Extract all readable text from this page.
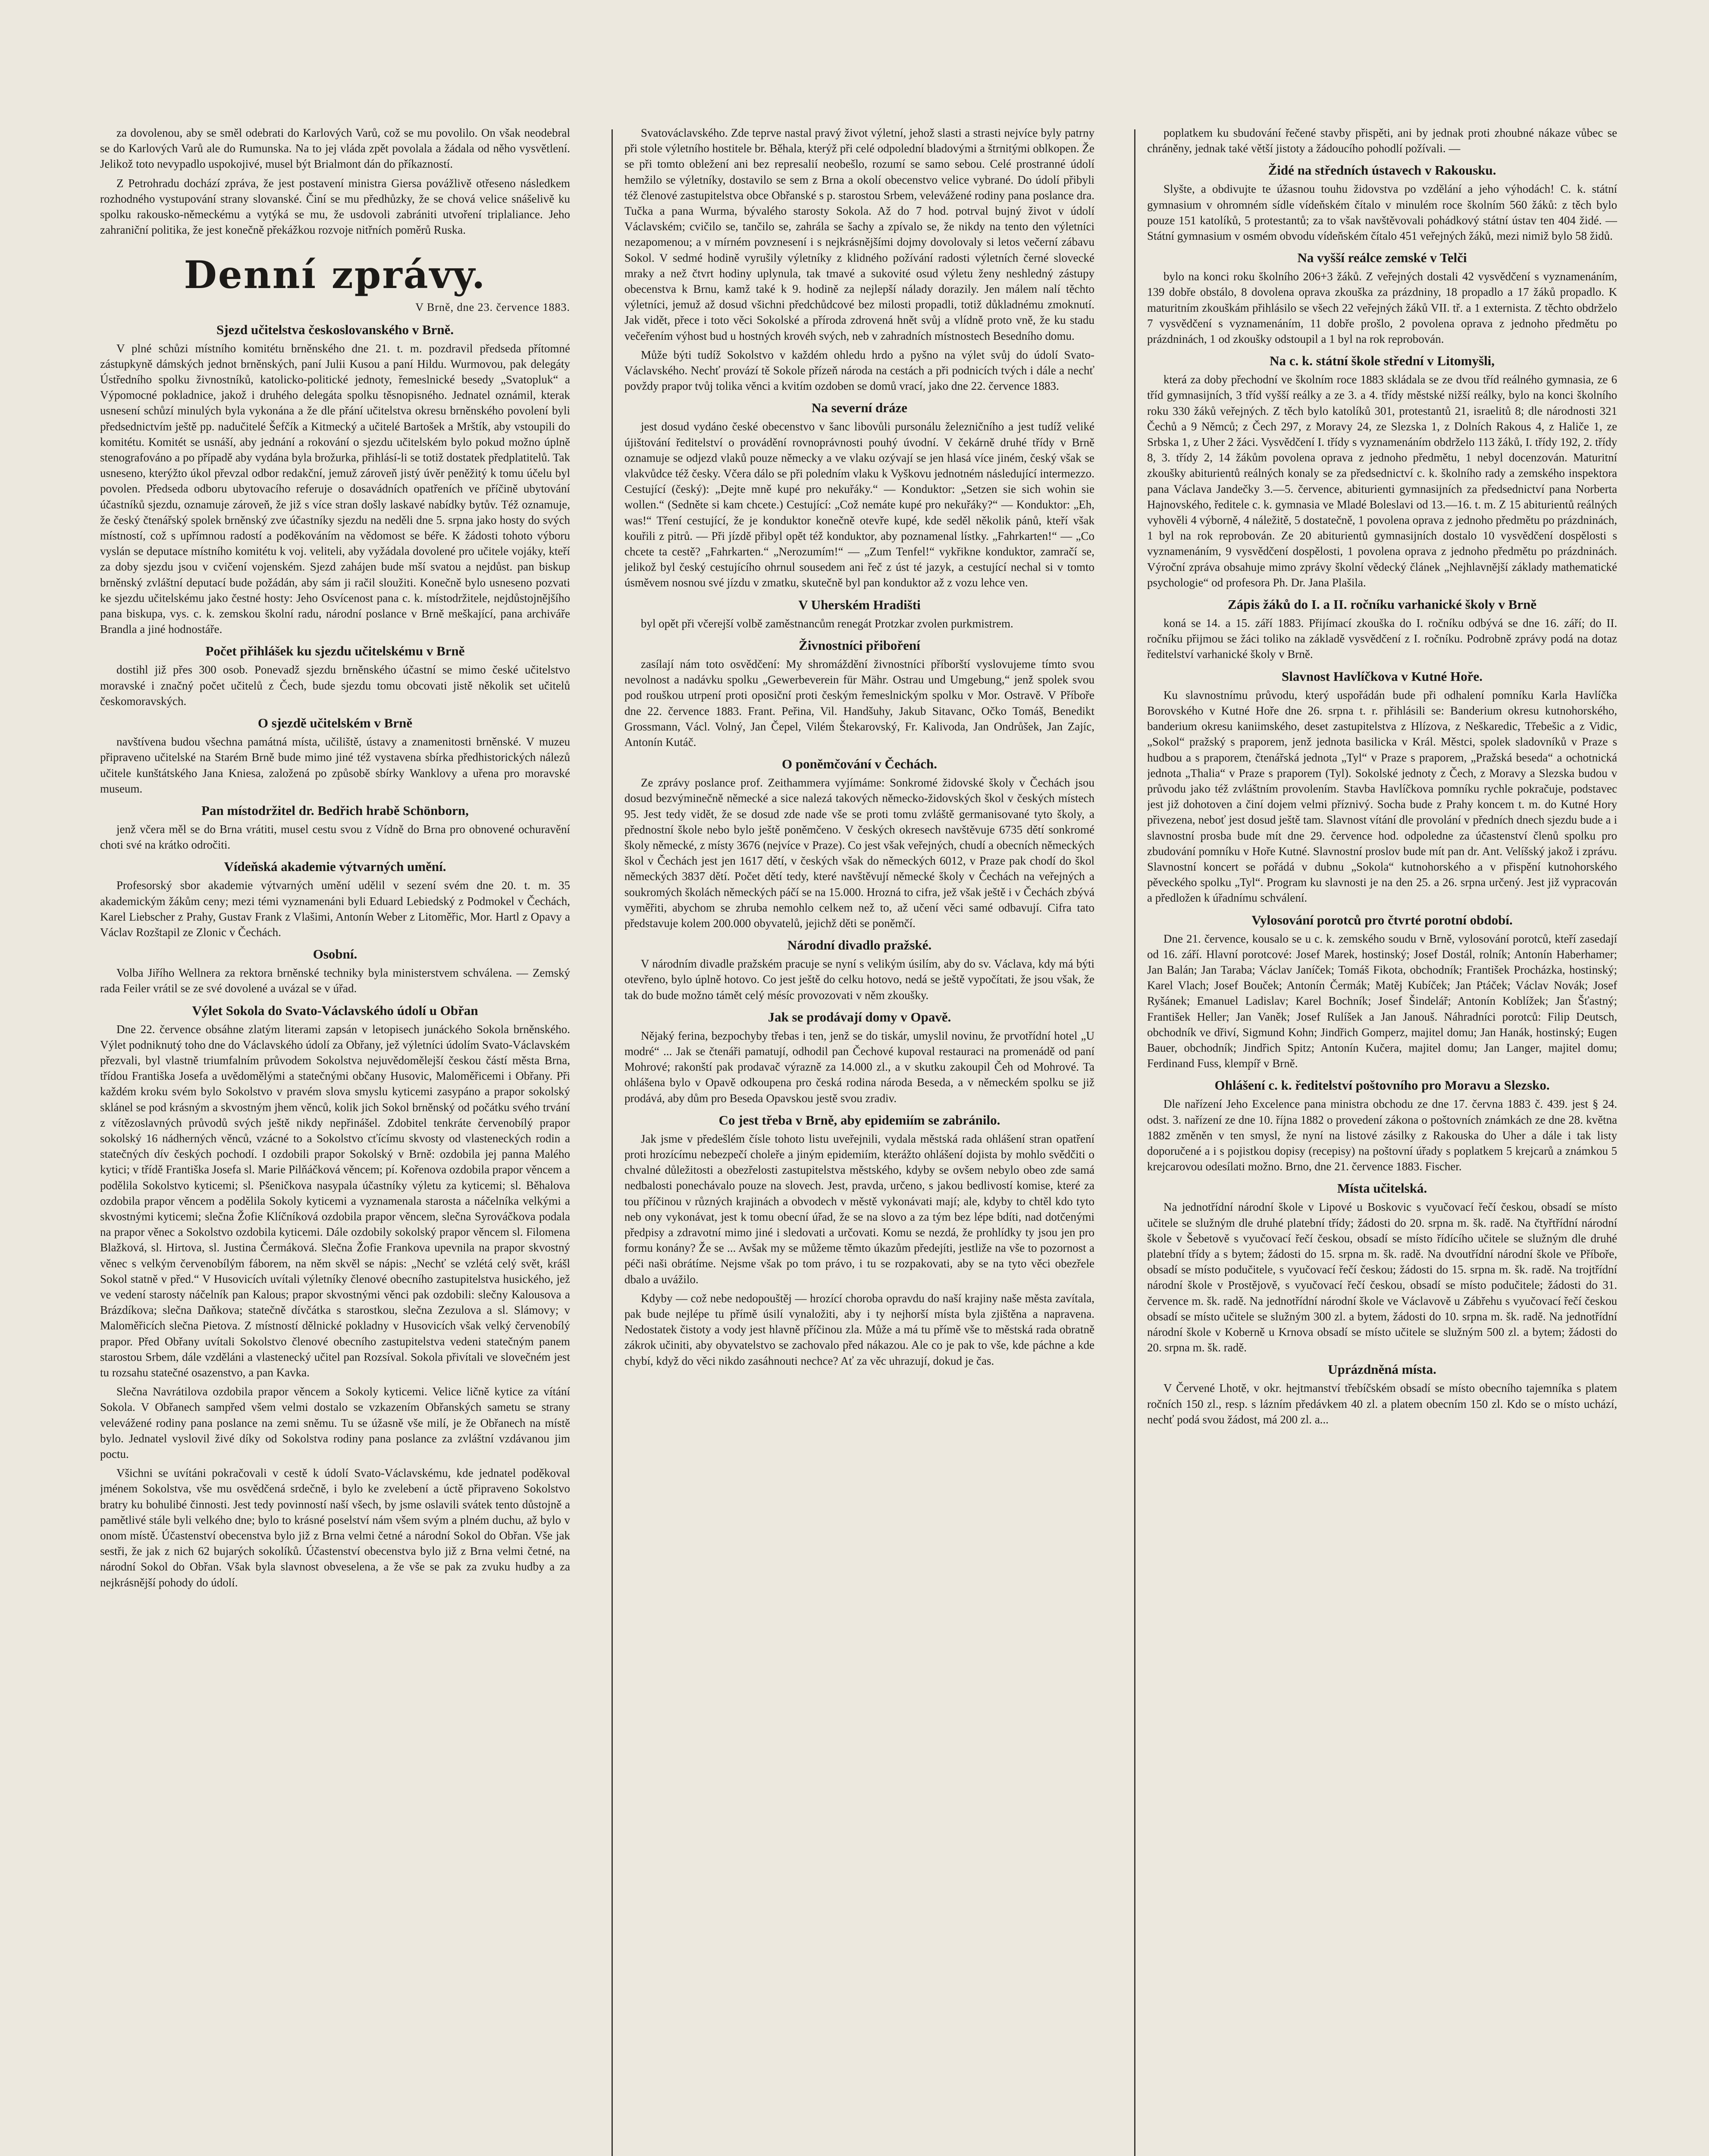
za dovolenou, aby se směl odebrati do Karlových Varů, což se mu povolilo. On však neodebral se do Karlových Varů ale do Rumunska. Na to jej vláda zpět povolala a žádala od něho vysvětlení. Jelikož toto nevypadlo uspokojivé, musel být Brialmont dán do příkazností.

Z Petrohradu dochází zpráva, že jest postavení ministra Giersa povážlivě otřeseno následkem rozhodného vystupování strany slovanské. Činí se mu předhůzky, že se chová velice snášelivě ku spolku rakousko-německému a vytýká se mu, že usdovoli zabrániti utvoření triplaliance. Jeho zahraniční politika, že jest konečně překážkou rozvoje nitřních poměrů Ruska.

Denní zprávy.
V Brně, dne 23. července 1883.
Sjezd učitelstva českoslovanského v Brně.

V plné schůzi místního komitétu brněnského dne 21. t. m. pozdravil předseda přítomné zástupkyně dámských jednot brněnských, paní Julii Kusou a paní Hildu. Wurmovou, pak delegáty Ústředního spolku živnostníků, katolicko-politické jednoty, řemeslnické besedy „Svatopluk“ a Výpomocné pokladnice, jakož i druhého delegáta spolku těsnopisného. Jednatel oznámil, kterak usnesení schůzí minulých byla vykonána a že dle přání učitelstva okresu brněnského povolení byli předsednictvím ještě pp. nadučitelé Šefčík a Kitmecký a učitelé Bartošek a Mrštík, aby vstoupili do komitétu. Komitét se usnáší, aby jednání a rokování o sjezdu učitelském bylo pokud možno úplně stenografováno a po případě aby vydána byla brožurka, přihlásí-li se totiž dostatek předplatitelů. Tak usneseno, kterýžto úkol převzal odbor redakční, jemuž zároveň jistý úvěr peněžitý k tomu účelu byl povolen. Předseda odboru ubytovacího referuje o dosavádních opatřeních ve příčině ubytování účastníků sjezdu, oznamuje zároveň, že již s více stran došly laskavé nabídky bytův. Též oznamuje, že český čtenářský spolek brněnský zve účastníky sjezdu na neděli dne 5. srpna jako hosty do svých místností, což s upřímnou radostí a poděkováním na vědomost se béře. K žádosti tohoto výboru vyslán se deputace místního komitétu k voj. veliteli, aby vyžádala dovolené pro učitele vojáky, kteří za doby sjezdu jsou v cvičení vojenském. Sjezd zahájen bude mší svatou a nejdůst. pan biskup brněnský zvláštní deputací bude požádán, aby sám ji račil sloužiti. Konečně bylo usneseno pozvati ke sjezdu učitelskému jako čestné hosty: Jeho Osvícenost pana c. k. místodržitele, nejdůstojnějšího pana biskupa, vys. c. k. zemskou školní radu, národní poslance v Brně meškající, pana archiváře Brandla a jiné hodnostáře.

Počet přihlášek ku sjezdu učitelskému v Brně

dostihl již přes 300 osob. Ponevadž sjezdu brněnského účastní se mimo české učitelstvo moravské i značný počet učitelů z Čech, bude sjezdu tomu obcovati jistě několik set učitelů českomoravských.

O sjezdě učitelském v Brně

navštívena budou všechna památná místa, učiliště, ústavy a znamenitosti brněnské. V muzeu připraveno učitelské na Starém Brně bude mimo jiné též vystavena sbírka předhistorických nálezů učitele kunštátského Jana Kniesa, založená po způsobě sbírky Wanklovy a uřena pro moravské museum.

Pan místodržitel dr. Bedřich hrabě Schönborn,

jenž včera měl se do Brna vrátiti, musel cestu svou z Vídně do Brna pro obnovené ochuravění choti své na krátko odročiti.

Vídeňská akademie výtvarných umění.

Profesorský sbor akademie výtvarných umění udělil v sezení svém dne 20. t. m. 35 akademickým žákům ceny; mezi témi vyznamenáni byli Eduard Lebiedský z Podmokel v Čechách, Karel Liebscher z Prahy, Gustav Frank z Vlašimi, Antonín Weber z Litoměřic, Mor. Hartl z Opavy a Václav Rozštapil ze Zlonic v Čechách.

Osobní.

Volba Jiřího Wellnera za rektora brněnské techniky byla ministerstvem schválena. — Zemský rada Feiler vrátil se ze své dovolené a uvázal se v úřad.

Výlet Sokola do Svato-Václavského údolí u Obřan

Dne 22. července obsáhne zlatým literami zapsán v letopisech junáckého Sokola brněnského. Výlet podniknutý toho dne do Václavského údolí za Obřany, jež výletníci údolím Svato-Václavském přezvali, byl vlastně triumfalním průvodem Sokolstva nejuvědomělejší českou částí města Brna, třídou Františka Josefa a uvědomělými a statečnými občany Husovic, Maloměřicemi i Obřany. Při každém kroku svém bylo Sokolstvo v pravém slova smyslu kyticemi zasypáno a prapor sokolský sklánel se pod krásným a skvostným jhem věnců, kolik jich Sokol brněnský od počátku svého trvání z vítězoslavných průvodů svých ještě nikdy nepřinášel. Zdobitel tenkráte červenobílý prapor sokolský 16 nádherných věnců, vzácné to a Sokolstvo cťícímu skvosty od vlasteneckých rodin a statečných dív českých pochodí. I ozdobili prapor Sokolský v Brně: ozdobila jej panna Malého kytici; v třídě Františka Josefa sl. Marie Pilňáčková věncem; pí. Kořenova ozdobila prapor věncem a podělila Sokolstvo kyticemi; sl. Pšeničkova nasypala účastníky výletu za kyticemi; sl. Běhalova ozdobila prapor věncem a podělila Sokoly kyticemi a vyznamenala starosta a náčelníka velkými a skvostnými kyticemi; slečna Žofie Klíčníková ozdobila prapor věncem, slečna Syrováčkova podala na prapor věnec a Sokolstvo ozdobila kyticemi. Dále ozdobily sokolský prapor věncem sl. Filomena Blažková, sl. Hirtova, sl. Justina Čermáková. Slečna Žofie Frankova upevnila na prapor skvostný věnec s velkým červenobílým fáborem, na něm skvěl se nápis: „Nechť se vzlétá celý svět, krášl Sokol statně v před.“ V Husovicích uvítali výletníky členové obecního zastupitelstva husického, jež ve vedení starosty náčelník pan Kalous; prapor skvostnými věnci pak ozdobili: slečny Kalousova a Brázdíkova; slečna Daňkova; statečně dívčátka s starostkou, slečna Zezulova a sl. Slámovy; v Maloměřicích slečna Pietova. Z místností dělnické pokladny v Husovicích však velký červenobílý prapor. Před Obřany uvítali Sokolstvo členové obecního zastupitelstva vedeni statečným panem starostou Srbem, dále vzděláni a vlastenecký učitel pan Rozsíval. Sokola přivítali ve slovečném jest tu rozsahu statečné osazenstvo, a pan Kavka.

Slečna Navrátilova ozdobila prapor věncem a Sokoly kyticemi. Velice ličně kytice za vítání Sokola. V Obřanech sampřed všem velmi dostalo se vzkazením Obřanských sametu se strany velevážené rodiny pana poslance na zemi sněmu. Tu se úžasně vše milí, je že Obřanech na místě bylo. Jednatel vyslovil živé díky od Sokolstva rodiny pana poslance za zvláštní vzdávanou jim poctu.

Všichni se uvítáni pokračovali v cestě k údolí Svato-Václavskému, kde jednatel poděkoval jménem Sokolstva, vše mu osvědčená srdečně, i bylo ke zvelebení a úctě připraveno Sokolstvo bratry ku bohulibé činnosti. Jest tedy povinností naší všech, by jsme oslavili svátek tento důstojně a pamětlivé stále byli velkého dne; bylo to krásné poselství nám všem svým a plném duchu, až bylo v onom místě. Účastenství obecenstva bylo již z Brna velmi četné a národní Sokol do Obřan. Vše jak sestři, že jak z nich 62 bujarých sokolíků. Účastenství obecenstva bylo již z Brna velmi četné, na národní Sokol do Obřan. Však byla slavnost obveselena, a že vše se pak za zvuku hudby a za nejkrásnější pohody do údolí.

Svatováclavského. Zde teprve nastal pravý život výletní, jehož slasti a strasti nejvíce byly patrny při stole výletního hostitele br. Běhala, kterýž při celé odpolední bladovými a štrnitými oblkopen. Že se při tomto obležení ani bez represalií neobešlo, rozumí se samo sebou. Celé prostranné údolí hemžilo se výletníky, dostavilo se sem z Brna a okolí obecenstvo velice vybrané. Do údolí přibyli též členové zastupitelstva obce Obřanské s p. starostou Srbem, velevážené rodiny pana poslance dra. Tučka a pana Wurma, bývalého starosty Sokola. Až do 7 hod. potrval bujný život v údolí Václavském; cvičilo se, tančilo se, zahrála se šachy a zpívalo se, že nikdy na tento den výletníci nezapomenou; a v mírném povznesení i s nejkrásnějšími dojmy dovolovaly si letos večerní zábavu Sokol. V sedmé hodině vyrušily výletníky z klidného požívání radosti výletních černé slovecké mraky a než čtvrt hodiny uplynula, tak tmavé a sukovité osud výletu ženy neshledný zástupy obecenstva k Brnu, kamž také k 9. hodině za nejlepší nálady dorazily. Jen málem nalí těchto výletníci, jemuž až dosud všichni předchůdcové bez milosti propadli, totiž důkladnému zmoknutí. Jak vidět, přece i toto věci Sokolské a příroda zdrovená hnět svůj a vlídně proto vně, že ku stadu večeřením výhost bud u hostných krovéh svých, neb v zahradních místnostech Besedního domu.

Může býti tudíž Sokolstvo v každém ohledu hrdo a pyšno na výlet svůj do údolí Svato-Václavského. Nechť provází tě Sokole přízeň národa na cestách a při podnicích tvých i dále a nechť povždy prapor tvůj tolika věnci a kvitím ozdoben se domů vrací, jako dne 22. července 1883.

Na severní dráze

jest dosud vydáno české obecenstvo v šanc libovůli pursonálu železničního a jest tudíž veliké újištování ředitelství o provádění rovnoprávnosti pouhý úvodní. V čekárně druhé třídy v Brně oznamuje se odjezd vlaků pouze německy a ve vlaku ozývají se jen hlasá více jiném, český však se vlakvůdce též česky. Včera dálo se při poledním vlaku k Vyškovu jednotném následující intermezzo. Cestující (český): „Dejte mně kupé pro nekuřáky.“ — Konduktor: „Setzen sie sich wohin sie wollen.“ (Sedněte si kam chcete.) Cestující: „Což nemáte kupé pro nekuřáky?“ — Konduktor: „Eh, was!“ Tření cestující, že je konduktor konečně otevře kupé, kde seděl několik pánů, kteří však kouřili z pitrů. — Při jízdě přibyl opět též konduktor, aby poznamenal lístky. „Fahrkarten!“ — „Co chcete ta cestě? „Fahrkarten.“ „Nerozumím!“ — „Zum Tenfel!“ vykřikne konduktor, zamračí se, jelikož byl český cestujícího ohrnul sousedem ani řeč z úst té jazyk, a cestující nechal si v tomto úsměvem nosnou své jízdu v zmatku, skutečně byl pan konduktor až z vozu lehce ven.

V Uherském Hradišti

byl opět při včerejší volbě zaměstnancům renegát Protzkar zvolen purkmistrem.

Živnostníci přiboření

zasílají nám toto osvědčení: My shromáždění živnostníci příborští vyslovujeme tímto svou nevolnost a nadávku spolku „Gewerbeverein für Mähr. Ostrau und Umgebung,“ jenž spolek svou pod rouškou utrpení proti oposiční proti českým řemeslnickým spolku v Mor. Ostravě. V Příboře dne 22. července 1883. Frant. Peřina, Vil. Handšuhy, Jakub Sitavanc, Očko Tomáš, Benedikt Grossmann, Václ. Volný, Jan Čepel, Vilém Štekarovský, Fr. Kalivoda, Jan Ondrůšek, Jan Zajíc, Antonín Kutáč.

O poněmčování v Čechách.

Ze zprávy poslance prof. Zeithammera vyjímáme: Sonkromé židovské školy v Čechách jsou dosud bezvýminečně německé a sice nalezá takových německo-židovských škol v českých místech 95. Jest tedy vidět, že se dosud zde nade vše se proti tomu zvláště germanisované tyto školy, a přednostní škole nebo bylo ještě poněmčeno. V českých okresech navštěvuje 6735 dětí sonkromé školy německé, z místy 3676 (nejvíce v Praze). Co jest však veřejných, chudí a obecních německých škol v Čechách jest jen 1617 dětí, v českých však do německých 6012, v Praze pak chodí do škol německých 3837 dětí. Počet dětí tedy, které navštěvují německé školy v Čechách na veřejných a soukromých školách německých páčí se na 15.000. Hrozná to cifra, jež však ještě i v Čechách zbývá vyměřiti, abychom se zhruba nemohlo celkem než to, až učení věci samé odbavují. Cifra tato představuje kolem 200.000 obyvatelů, jejichž děti se poněmčí.

Národní divadlo pražské.

V národním divadle pražském pracuje se nyní s velikým úsilím, aby do sv. Václava, kdy má býti otevřeno, bylo úplně hotovo. Co jest ještě do celku hotovo, nedá se ještě vypočítati, že jsou však, že tak do bude možno támět celý mésíc provozovati v něm zkoušky.

Jak se prodávají domy v Opavě.

Nějaký ferina, bezpochyby třebas i ten, jenž se do tiskár, umyslil novinu, že prvotřídní hotel „U modré“ ... Jak se čtenáři pamatují, odhodil pan Čechové kupoval restauraci na promenádě od paní Mohrové; rakonští pak prodavač výrazně za 14.000 zl., a v skutku zakoupil Čeh od Mohrové. Ta ohlášena bylo v Opavě odkoupena pro česká rodina národa Beseda, a v německém spolku se již prodává, aby dům pro Beseda Opavskou jestě svou zradiv.

Co jest třeba v Brně, aby epidemiím se zabránilo.

Jak jsme v předešlém čísle tohoto listu uveřejnili, vydala městská rada ohlášení stran opatření proti hrozícímu nebezpečí choleře a jiným epidemiím, kterážto ohlášení dojista by mohlo svědčiti o chvalné důležitosti a obezřelosti zastupitelstva městského, kdyby se ovšem nebylo obeo zde samá nedbalosti ponechávalo pouze na slovech. Jest, pravda, určeno, s jakou bedlivostí komise, které za tou příčinou v různých krajinách a obvodech v městě vykonávati mají; ale, kdyby to chtěl kdo tyto neb ony vykonávat, jest k tomu obecní úřad, že se na slovo a za tým bez lépe bdíti, nad dotčenými předpisy a zdravotní mimo jiné i sledovati a určovati. Komu se nezdá, že prohlídky ty jsou jen pro formu konány? Že se ... Avšak my se můžeme těmto úkazům předejíti, jestliže na vše to pozornost a péči naši obrátíme. Nejsme však po tom právo, i tu se rozpakovati, aby se na tyto věci obezřele dbalo a uvážilo.

Kdyby — což nebe nedopouštěj — hrozící choroba opravdu do naší krajiny naše města zavítala, pak bude nejlépe tu přímě úsilí vynaložiti, aby i ty nejhorší místa byla zjištěna a napravena. Nedostatek čistoty a vody jest hlavně příčinou zla. Může a má tu přímě vše to městská rada obratně zákrok učiniti, aby obyvatelstvo se zachovalo před nákazou. Ale co je pak to vše, kde páchne a kde chybí, když do věci nikdo zasáhnouti nechce? Ať za věc uhrazují, dokud je čas.

poplatkem ku sbudování řečené stavby přispěti, ani by jednak proti zhoubné nákaze vůbec se chráněny, jednak také větší jistoty a žádoucího pohodlí požívali. —

Židé na středních ústavech v Rakousku.

Slyšte, a obdivujte te úžasnou touhu židovstva po vzdělání a jeho výhodách! C. k. státní gymnasium v ohromném sídle vídeňském čítalo v minulém roce školním 560 žáků: z těch bylo pouze 151 katolíků, 5 protestantů; za to však navštěvovali pohádkový státní ústav ten 404 židé. — Státní gymnasium v osmém obvodu vídeňském čítalo 451 veřejných žáků, mezi nimiž bylo 58 židů.

Na vyšší reálce zemské v Telči

bylo na konci roku školního 206+3 žáků. Z veřejných dostali 42 vysvědčení s vyznamenáním, 139 dobře obstálo, 8 dovolena oprava zkouška za prázdniny, 18 propadlo a 17 žáků propadlo. K maturitním zkouškám přihlásilo se všech 22 veřejných žáků VII. tř. a 1 externista. Z těchto obdrželo 7 vysvědčení s vyznamenáním, 11 dobře prošlo, 2 povolena oprava z jednoho předmětu po prázdninách, 1 od zkoušky odstoupil a 1 byl na rok reprobován.

Na c. k. státní škole střední v Litomyšli,

která za doby přechodní ve školním roce 1883 skládala se ze dvou tříd reálného gymnasia, ze 6 tříd gymnasijních, 3 tříd vyšší reálky a ze 3. a 4. třídy městské nižší reálky, bylo na konci školního roku 330 žáků veřejných. Z těch bylo katolíků 301, protestantů 21, israelitů 8; dle národnosti 321 Čechů a 9 Němců; z Čech 297, z Moravy 24, ze Slezska 1, z Dolních Rakous 4, z Haliče 1, ze Srbska 1, z Uher 2 žáci. Vysvědčení I. třídy s vyznamenáním obdrželo 113 žáků, I. třídy 192, 2. třídy 8, 3. třídy 2, 14 žákům povolena oprava z jednoho předmětu, 1 nebyl docenzován. Maturitní zkoušky abiturientů reálných konaly se za předsednictví c. k. školního rady a zemského inspektora pana Václava Jandečky 3.—5. července, abiturienti gymnasijních za předsednictví pana Norberta Hajnovského, ředitele c. k. gymnasia ve Mladé Boleslavi od 13.—16. t. m. Z 15 abiturientů reálných vyhověli 4 výborně, 4 náležitě, 5 dostatečně, 1 povolena oprava z jednoho předmětu po prázdninách, 1 byl na rok reprobován. Ze 20 abiturientů gymnasijních dostalo 10 vysvědčení dospělosti s vyznamenáním, 9 vysvědčení dospělosti, 1 povolena oprava z jednoho předmětu po prázdninách. Výroční zpráva obsahuje mimo zprávy školní vědecký článek „Nejhlavnější základy mathematické psychologie“ od profesora Ph. Dr. Jana Plašila.

Zápis žáků do I. a II. ročníku varhanické školy v Brně

koná se 14. a 15. září 1883. Přijímací zkouška do I. ročníku odbývá se dne 16. září; do II. ročníku přijmou se žáci toliko na základě vysvědčení z I. ročníku. Podrobně zprávy podá na dotaz ředitelství varhanické školy v Brně.

Slavnost Havlíčkova v Kutné Hoře.

Ku slavnostnímu průvodu, který uspořádán bude při odhalení pomníku Karla Havlíčka Borovského v Kutné Hoře dne 26. srpna t. r. přihlásili se: Banderium okresu kutnohorského, banderium okresu kaniimského, deset zastupitelstva z Hlízova, z Neškaredic, Třebešic a z Vidic, „Sokol“ pražský s praporem, jenž jednota basilicka v Král. Městci, spolek sladovníků v Praze s hudbou a s praporem, čtenářská jednota „Tyl“ v Praze s praporem, „Pražská beseda“ a ochotnická jednota „Thalia“ v Praze s praporem (Tyl). Sokolské jednoty z Čech, z Moravy a Slezska budou v průvodu jako též zvláštním provolením. Stavba Havlíčkova pomníku rychle pokračuje, podstavec jest již dohotoven a činí dojem velmi příznivý. Socha bude z Prahy koncem t. m. do Kutné Hory přivezena, neboť jest dosud ještě tam. Slavnost vítání dle provolání v předních dnech sjezdu bude a i slavnostní prosba bude mít dne 29. července hod. odpoledne za účastenství členů spolku pro zbudování pomníku v Hoře Kutné. Slavnostní proslov bude mít pan dr. Ant. Velíšský jakož i zprávu. Slavnostní koncert se pořádá v dubnu „Sokola“ kutnohorského a v přispění kutnohorského pěveckého spolku „Tyl“. Program ku slavnosti je na den 25. a 26. srpna určený. Jest již vypracován a předložen k úřadnímu schválení.

Vylosování porotců pro čtvrté porotní období.

Dne 21. července, kousalo se u c. k. zemského soudu v Brně, vylosování porotců, kteří zasedají od 16. září. Hlavní porotcové: Josef Marek, hostinský; Josef Dostál, rolník; Antonín Haberhamer; Jan Balán; Jan Taraba; Václav Janíček; Tomáš Fikota, obchodník; František Procházka, hostinský; Karel Vlach; Josef Bouček; Antonín Čermák; Matěj Kubíček; Jan Ptáček; Václav Novák; Josef Ryšánek; Emanuel Ladislav; Karel Bochník; Josef Šindelář; Antonín Koblížek; Jan Šťastný; František Heller; Jan Vaněk; Josef Rulíšek a Jan Janouš. Náhradníci porotců: Filip Deutsch, obchodník ve dřiví, Sigmund Kohn; Jindřich Gomperz, majitel domu; Jan Hanák, hostinský; Eugen Bauer, obchodník; Jindřich Spitz; Antonín Kučera, majitel domu; Jan Langer, majitel domu; Ferdinand Fuss, klempíř v Brně.

Ohlášení c. k. ředitelství poštovního pro Moravu a Slezsko.

Dle nařízení Jeho Excelence pana ministra obchodu ze dne 17. června 1883 č. 439. jest § 24. odst. 3. nařízení ze dne 10. října 1882 o provedení zákona o poštovních známkách ze dne 28. května 1882 změněn v ten smysl, že nyní na listové zásilky z Rakouska do Uher a dále i tak listy doporučené a i s pojistkou dopisy (recepisy) na poštovní úřady s poplatkem 5 krejcarů a známkou 5 krejcarovou odesílati možno. Brno, dne 21. července 1883. Fischer.

Místa učitelská.

Na jednotřídní národní škole v Lipové u Boskovic s vyučovací řečí českou, obsadí se místo učitele se služným dle druhé platební třídy; žádosti do 20. srpna m. šk. radě. Na čtyřtřídní národní škole v Šebetově s vyučovací řečí českou, obsadí se místo řídícího učitele se služným dle druhé platební třídy a s bytem; žádosti do 15. srpna m. šk. radě. Na dvoutřídní národní škole ve Příboře, obsadí se místo podučitele, s vyučovací řečí českou; žádosti do 15. srpna m. šk. radě. Na trojtřídní národní škole v Prostějově, s vyučovací řečí českou, obsadí se místo podučitele; žádosti do 31. července m. šk. radě. Na jednotřídní národní škole ve Václavově u Zábřehu s vyučovací řečí českou obsadí se místo učitele se služným 300 zl. a bytem, žádosti do 10. srpna m. šk. radě. Na jednotřídní národní škole v Koberně u Krnova obsadí se místo učitele se služným 500 zl. a bytem; žádosti do 20. srpna m. šk. radě.

Uprázdněná místa.

V Červené Lhotě, v okr. hejtmanství třebíčském obsadí se místo obecního tajemníka s platem ročních 150 zl., resp. s lázním předávkem 40 zl. a platem obecním 150 zl. Kdo se o místo uchází, nechť podá svou žádost, má 200 zl. a...
